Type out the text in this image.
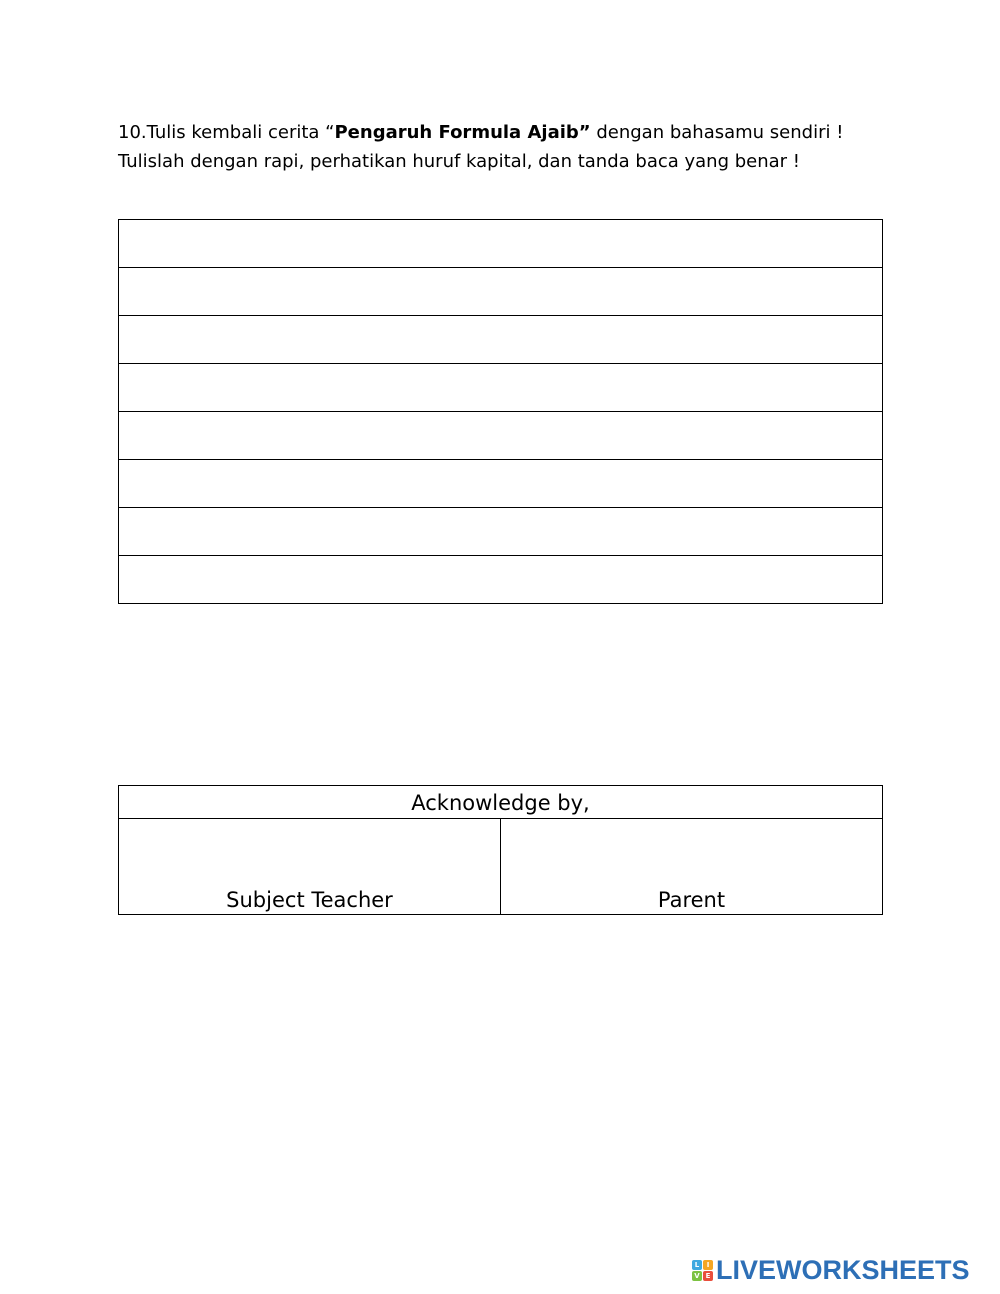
10.Tulis kembali cerita “Pengaruh Formula Ajaib” dengan bahasamu sendiri !
Tulislah dengan rapi, perhatikan huruf kapital, dan tanda baca yang benar !

Acknowledge by,
Subject Teacher	Parent
L	I
V E LIVEWORKSHEETS
